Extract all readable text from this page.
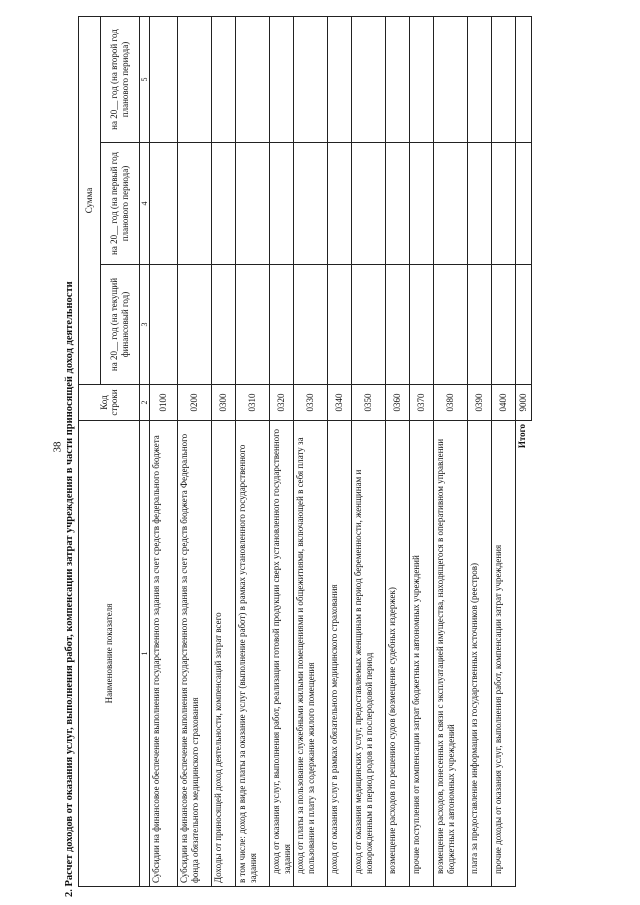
38 2. Расчет доходов от оказания услуг, выполнения работ, компенсации затрат учреждения в части приносящей доход деятельности	Наименование показателя	Код строки	Сумма		
		на 20__ год (на текущий финансовый год)	на 20__ год (на первый год планового периода)	на 20__ год (на второй год планового периода)
1	2	3	4	5
Субсидии на финансовое обеспечение выполнения государственного задания за счет средств федерального бюджета	0100			
Субсидии на финансовое обеспечение выполнения государственного задания за счет средств бюджета Федерального фонда обязательного медицинского страхования	0200			
Доходы от приносящей доход деятельности, компенсаций затрат всего	0300			
в том числе: доход в виде платы за оказание услуг (выполнение работ) в рамках установленного государственного задания	0310			
доход от оказания услуг, выполнения работ, реализации готовой продукции сверх установленного государственного задания	0320			
доход от платы за пользование служебными жилыми помещениями и общежитиями, включающей в себя плату за пользование и плату за содержание жилого помещения	0330			
доход от оказания услуг в рамках обязательного медицинского страхования	0340			
доход от оказания медицинских услуг, предоставляемых женщинам в период беременности, женщинам и новорожденным в период родов и в послеродовой период	0350			
возмещение расходов по решению судов (возмещение судебных издержек)	0360			
прочие поступления от компенсации затрат бюджетных и автономных учреждений	0370			
возмещение расходов, понесенных в связи с эксплуатацией имущества, находящегося в оперативном управлении бюджетных и автономных учреждений	0380			
плата за предоставление информации из государственных источников (реестров)	0390			
прочие доходы от оказания услуг, выполнения работ, компенсации затрат учреждения	0400			
Итого	9000			
